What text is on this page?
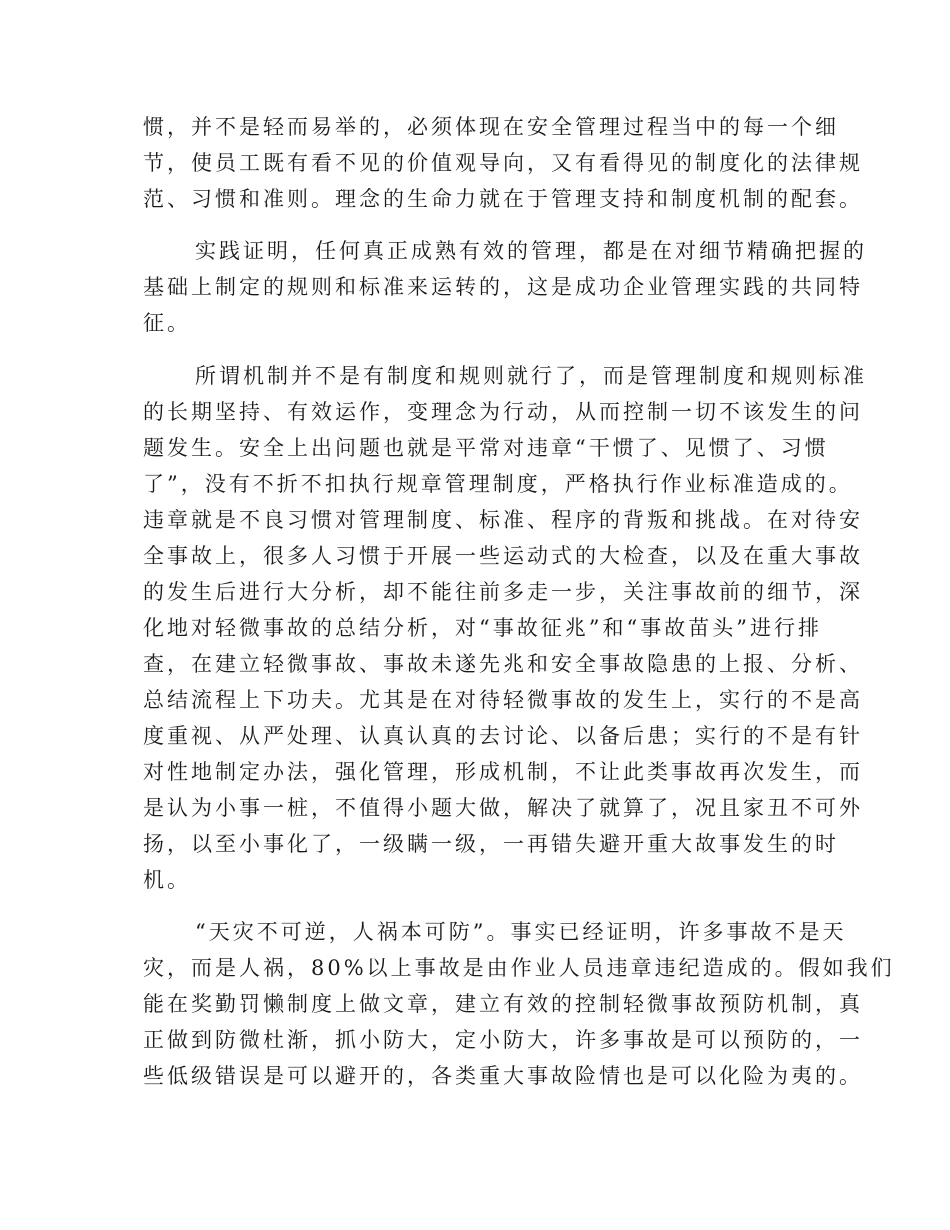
惯，并不是轻而易举的，必须体现在安全管理过程当中的每一个细
节，使员工既有看不见的价值观导向，又有看得见的制度化的法律规
范、习惯和准则。理念的生命力就在于管理支持和制度机制的配套。
实践证明，任何真正成熟有效的管理，都是在对细节精确把握的
基础上制定的规则和标准来运转的，这是成功企业管理实践的共同特
征。
所谓机制并不是有制度和规则就行了，而是管理制度和规则标准
的长期坚持、有效运作，变理念为行动，从而控制一切不该发生的问
题发生。安全上出问题也就是平常对违章“干惯了、见惯了、习惯
了”，没有不折不扣执行规章管理制度，严格执行作业标准造成的。
违章就是不良习惯对管理制度、标准、程序的背叛和挑战。在对待安
全事故上，很多人习惯于开展一些运动式的大检查，以及在重大事故
的发生后进行大分析，却不能往前多走一步，关注事故前的细节，深
化地对轻微事故的总结分析，对“事故征兆”和“事故苗头”进行排
查，在建立轻微事故、事故未遂先兆和安全事故隐患的上报、分析、
总结流程上下功夫。尤其是在对待轻微事故的发生上，实行的不是高
度重视、从严处理、认真认真的去讨论、以备后患；实行的不是有针
对性地制定办法，强化管理，形成机制，不让此类事故再次发生，而
是认为小事一桩，不值得小题大做，解决了就算了，况且家丑不可外
扬，以至小事化了，一级瞒一级，一再错失避开重大故事发生的时
机。
“天灾不可逆，人祸本可防”。事实已经证明，许多事故不是天
灾，而是人祸，80%以上事故是由作业人员违章违纪造成的。假如我们
能在奖勤罚懒制度上做文章，建立有效的控制轻微事故预防机制，真
正做到防微杜渐，抓小防大，定小防大，许多事故是可以预防的，一
些低级错误是可以避开的，各类重大事故险情也是可以化险为夷的。
